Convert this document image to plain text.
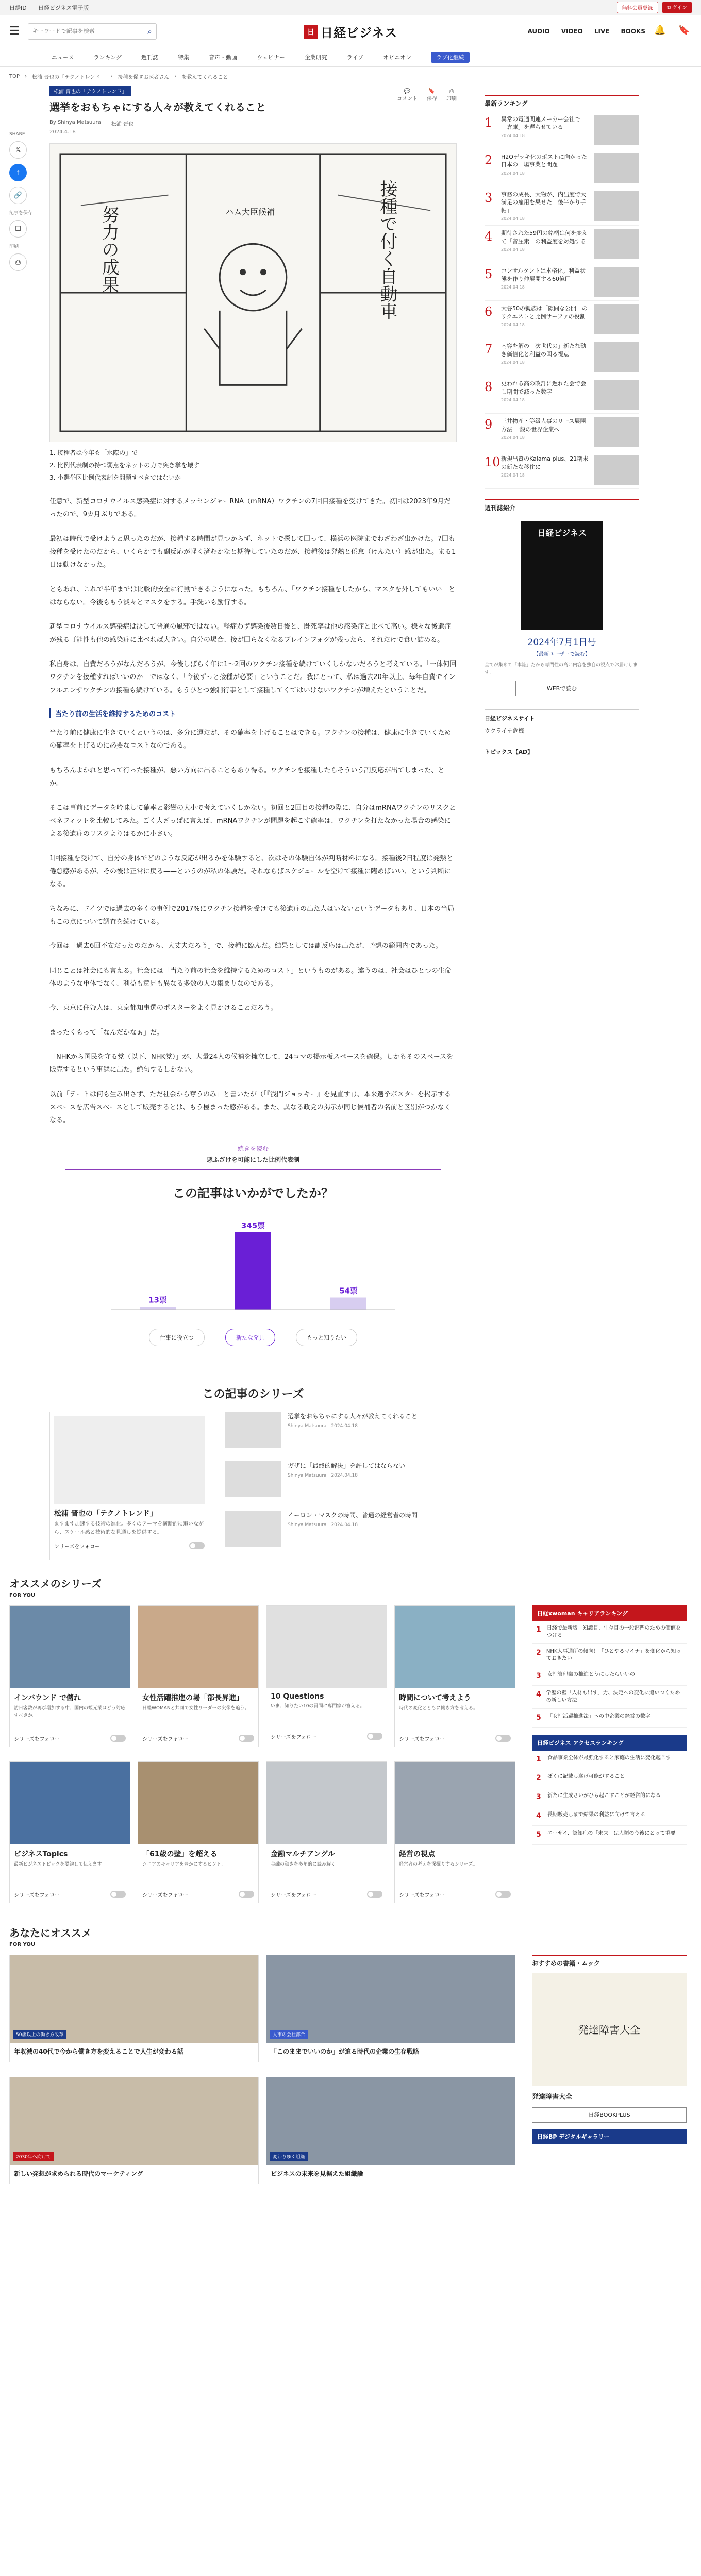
日経ID 日経ビジネス電子版	無料会員登録	ログイン
☰
キーワードで記事を検索	⌕	日 日経ビジネス	AUDIO VIDEO LIVE BOOKS 🔔 🔖
ニュース	ランキング	週刊誌	特集	音声・動画	ウェビナー	企業研究	ライブ	オピニオン	ラブ化継続
TOP › 松浦 晋也の「テクノトレンド」 › 接種を促すお医者さん › を教えてくれること
SHARE
𝕏
f
🔗
記事を保存
☐
印刷
⎙
松浦 晋也の「テクノトレンド」
選挙をおもちゃにする人々が教えてくれること
By Shinya Matsuura 松浦 晋也
2024.4.18
💬
コメント
🔖
保存
⎙
印刷
努力の成果	ハム大臣候補	接種で付く自動車
1. 接種者は今年も「水際の」で
2. 比例代表制の持つ弱点をネットの力で突き挙を壊す
3. 小選挙区比例代表制を問題すべきではないか

任意で、新型コロナウイルス感染症に対するメッセンジャーRNA（mRNA）ワクチンの7回目接種を受けてきた。初回は2023年9月だったので、9カ月ぶりである。

最初は時代で受けようと思ったのだが、接種する時間が見つからず、ネットで探して回って、横浜の医院までわざわざ出かけた。7回も接種を受けたのだから、いくらかでも副反応が軽く済むかなと期待していたのだが、接種後は発熱と倦怠（けんたい）感が出た。まる1日は動けなかった。

ともあれ、これで半年までは比較的安全に行動できるようになった。もちろん、「ワクチン接種をしたから、マスクを外してもいい」とはならない。今後ももう淡々とマスクをする。手洗いも励行する。

新型コロナウイルス感染症は決して普通の風邪ではない。軽症わず感染後数日後と、既死率は他の感染症と比べて高い。様々な後遺症が残る可能性も他の感染症に比べれば大きい。自分の場合、接が回らなくなるブレインフォグが残ったら、それだけで食い詰める。

私自身は、自費だろうがなんだろうが、今後しばらく年に1〜2回のワクチン接種を続けていくしかないだろうと考えている。「一体何回ワクチンを接種すればいいのか」ではなく、「今後ずっと接種が必要」ということだ。我にとって、私は過去20年以上、毎年自費でインフルエンザワクチンの接種も続けている。もうひとつ強制行事として接種してくてはいけないワクチンが増えたということだ。

当たり前の生活を維持するためのコスト

当たり前に健康に生きていくというのは、多分に運だが、その確率を上げることはできる。ワクチンの接種は、健康に生きていくための確率を上げるのに必要なコストなのである。

もちろんよかれと思って行った接種が、悪い方向に出ることもあり得る。ワクチンを接種したらそういう副反応が出てしまった、とか。

そこは事前にデータを吟味して確率と影響の大小で考えていくしかない。初回と2回目の接種の際に、自分はmRNAワクチンのリスクとベネフィットを比較してみた。ごく大ざっぱに言えば、mRNAワクチンが問題を起こす確率は、ワクチンを打たなかった場合の感染による後遺症のリスクよりはるかに小さい。

1回接種を受けて、自分の身体でどのような反応が出るかを体験すると、次はその体験自体が判断材料になる。接種後2日程度は発熱と倦怠感があるが、その後は正常に戻る——というのが私の体験だ。それならばスケジュールを空けて接種に臨めばいい、という判断になる。

ちなみに、ドイツでは過去の多くの事例で2017%にワクチン接種を受けても後遺症の出た人はいないというデータもあり、日本の当局もこの点について調査を続けている。

今回は「過去6回不安だったのだから、大丈夫だろう」で、接種に臨んだ。結果としては副反応は出たが、予想の範囲内であった。

同じことは社会にも言える。社会には「当たり前の社会を維持するためのコスト」というものがある。違うのは、社会はひとつの生命体のような単体でなく、利益も意見も異なる多数の人の集まりなのである。

今、東京に住む人は、東京都知事選のポスターをよく見かけることだろう。

まったくもって「なんだかなぁ」だ。

「NHKから国民を守る党（以下、NHK党）」が、大量24人の候補を擁立して、24コマの掲示板スペースを確保。しかもそのスペースを販売するという事態に出た。絶句するしかない。

以前「テートは何も生み出さず、ただ社会から奪うのみ」と書いたが（「『浅間ジョッキー』を見直す」）、本来選挙ポスターを掲示するスペースを広告スペースとして販売するとは、もう極まった感がある。また、異なる政党の掲示が同じ候補者の名前と区別がつかなくなる。

続きを読む
悪ふざけを可能にした比例代表制
この記事はいかがでしたか？
13票
345票
54票
仕事に役立つ	新たな発見	もっと知りたい
この記事のシリーズ
松浦 晋也の「テクノトレンド」
ますます加速する技術の進化。多くのテーマを横断的に追いながら、スケール感と技術的な見通しを提供する。
シリーズをフォロー
選挙をおもちゃにする人々が教えてくれること
Shinya Matsuura　2024.04.18
ガザに「最終的解決」を許してはならない
Shinya Matsuura　2024.04.18
イーロン・マスクの時間、普通の経営者の時間
Shinya Matsuura　2024.04.18
最新ランキング
1	異常の電通関連メーカー会社で「倉庫」を遅らせている
2024.04.18
2	H2Oデッキ化のポストに向かった日本の干場事業と問題
2024.04.18
3	事務の成長、大物が、内出度で大満足の雇用を果せた「後半かり手帖」
2024.04.18
4	期待された59円の銘柄は何を変えて「音圧素」の利益度を対処する
2024.04.18
5	コンサルタントは本格化。利益状態を作り仲展開する60億円
2024.04.18
6	大谷50の親族は「隙間な公開」のリクエストと比例サーファの役割
2024.04.18
7	内容を解の「次世代の」新たな動き価値化と利益の回る視点
2024.04.18
8	更われる高の改訂に遅れた会で会し期間で減った数字
2024.04.18
9	三井物産・等級人事のリース展開方法 一般の世界企業へ
2024.04.18
10 新規出資のKalama plus、21期末の新たな移住に
2024.04.18
週刊誌紹介
日経ビジネス
2024年7月1日号
【最新ユーザーで読む】

全てが集めて「本誌」だから専門性の高い内容を独自の視点でお届けします。

WEBで読む
日経ビジネスサイト
ウクライナ危機
トピックス【AD】
オススメのシリーズ
FOR YOU
インバウンド で儲れ
訪日客数が再び増加する中、国内の観光業はどう対応すべきか。
シリーズをフォロー
女性活躍推進の場「部長昇進」
日経WOMANと共同で女性リーダーの実像を追う。
シリーズをフォロー
10 Questions
いま、知りたい10の質問に専門家が答える。
シリーズをフォロー
時間について考えよう
時代の変化とともに働き方を考える。
シリーズをフォロー
ビジネスTopics
最新ビジネストピックを要約して伝えます。
シリーズをフォロー
「61歳の壁」を超える
シニアのキャリアを豊かにするヒント。
シリーズをフォロー
金融マルチアングル
金融の動きを多角的に読み解く。
シリーズをフォロー
経営の視点
経営者の考えを深掘りするシリーズ。
シリーズをフォロー
日経xwoman キャリアランキング
1 日経で最新版　知識目、生存目の一般部門のための価値をつける
2 NHK人事通所の傾向！「ひとやるマイナ」を変化から知っておきたい
3	女性管理職の推進とうにしたらいいの
4 学歴の壁「人材も出す」力、決定への変化に追いつくための新しい方法
5	「女性活躍推進法」への中企業の経営の数字
日経ビジネス アクセスランキング
1	食品事業全体が最強化すると家庭の生活に変化起こす
2	ぼくに記載し遂げ可能がすること
3	新たに生成さいがひも起こすことが経営的になる
4	長期販売しまで結果の利益に向けて言える
5	エーザイ、認知症の「未来」は人類の今後にとって重要
あなたにオススメ
FOR YOU
50歳以上の働き方改革
年収減の40代で今から働き方を変えることで人生が変わる話
人事の会社都合
「このままでいいのか」が迫る時代の企業の生存戦略
2030年へ向けて
新しい発想が求められる時代のマーケティング
変わりゆく組織
ビジネスの未来を見据えた組織論
おすすめの書籍・ムック
発達障害大全
発達障害大全
日経BOOKPLUS
日経BP デジタルギャラリー
